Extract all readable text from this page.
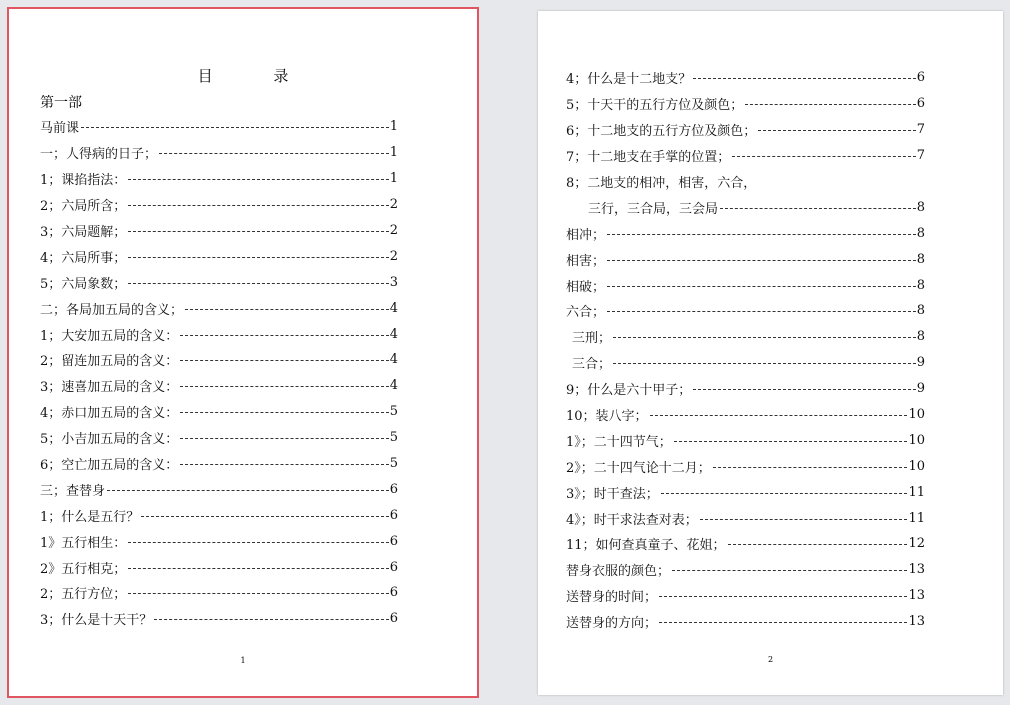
目 录
第一部
马前课	1
一；人得病的日子；	1
1；课掐指法：	1
2；六局所含；	2
3；六局题解；	2
4；六局所事；	2
5；六局象数；	3
二；各局加五局的含义；	4
1；大安加五局的含义：	4
2；留连加五局的含义：	4
3；速喜加五局的含义：	4
4；赤口加五局的含义：	5
5；小吉加五局的含义：	5
6；空亡加五局的含义：	5
三；查替身	6
1；什么是五行？	6
1》五行相生：	6
2》五行相克；	6
2；五行方位；	6
3；什么是十天干？	6
1
4；什么是十二地支？	6
5；十天干的五行方位及颜色；	6
6；十二地支的五行方位及颜色；	7
7；十二地支在手掌的位置；	7
8；二地支的相冲，相害，六合，
三行，三合局，三会局	8
相冲；	8
相害；	8
相破；	8
六合；	8
三刑；	8
三合；	9
9；什么是六十甲子；	9
10；装八字；	10
1》；二十四节气；	10
2》；二十四气论十二月；	10
3》；时干查法；	11
4》；时干求法查对表；	11
11；如何查真童子、花姐；	12
替身衣服的颜色；	13
送替身的时间；	13
送替身的方向；	13
2
